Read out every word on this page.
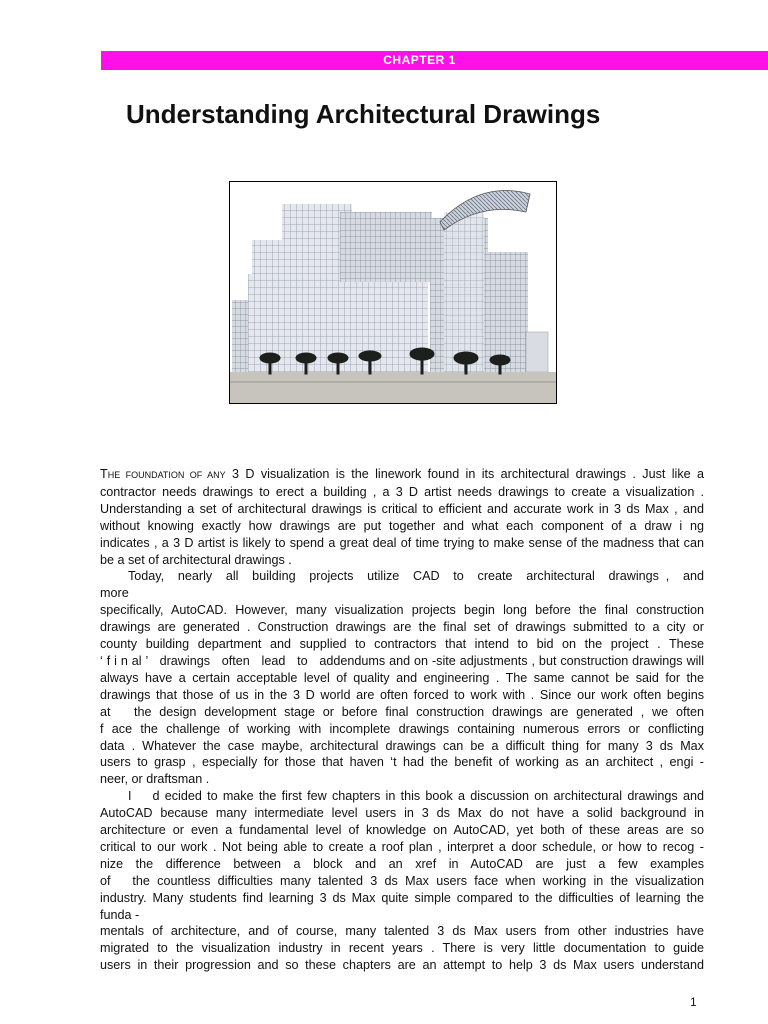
CHAPTER 1
Understanding Architectural Drawings

THE FOUNDATION OF ANY 3 D visualization is the linework found in its architectural drawings . Just like a

contractor needs drawings to erect a building , a 3 D artist needs drawings to create a visualization .

Understanding a set of architectural drawings is critical to efficient and accurate work in 3 ds Max , and

without knowing exactly how drawings are put together and what each component of a draw i ng

indicates , a 3 D artist is likely to spend a great deal of time trying to make sense of the madness that can

be a set of architectural drawings .

Today,  nearly  all  building  projects  utilize  CAD  to  create  architectural  drawings ,  and

more

specifically, AutoCAD. However, many visualization projects begin long before the final construction

drawings are generated . Construction drawings are the final set of drawings submitted to a city or

county building department and supplied to contractors that intend to bid on the project . These

‘ f i n al ’   drawings   often   lead   to   addendums and on -site adjustments , but construction drawings will

always have a certain acceptable level of quality and engineering . The same cannot be said for the

drawings that those of us in the 3 D world are often forced to work with . Since our work often begins

at   the design development stage or before final construction drawings are generated , we often

f ace the challenge of working with incomplete drawings containing numerous errors or conflicting

data . Whatever the case maybe, architectural drawings can be a difficult thing for many 3 ds Max

users to grasp , especially for those that haven ‘t had the benefit of working as an architect , engi -

neer, or draftsman .

I    d ecided to make the first few chapters in this book a discussion on architectural drawings and

AutoCAD because many intermediate level users in 3 ds Max do not have a solid background in

architecture or even a fundamental level of knowledge on AutoCAD, yet both of these areas are so

critical to our work . Not being able to create a roof plan , interpret a door schedule, or how to recog -

nize  the  difference  between  a  block  and  an  xref  in  AutoCAD  are  just  a  few  examples

of   the countless difficulties many talented 3 ds Max users face when working in the visualization

industry. Many students find learning 3 ds Max quite simple compared to the difficulties of learning the

funda -

mentals of architecture, and of course, many talented 3 ds Max users from other industries have

migrated to the visualization industry in recent years . There is very little documentation to guide

users in their progression and so these chapters are an attempt to help 3 ds Max users understand

1
